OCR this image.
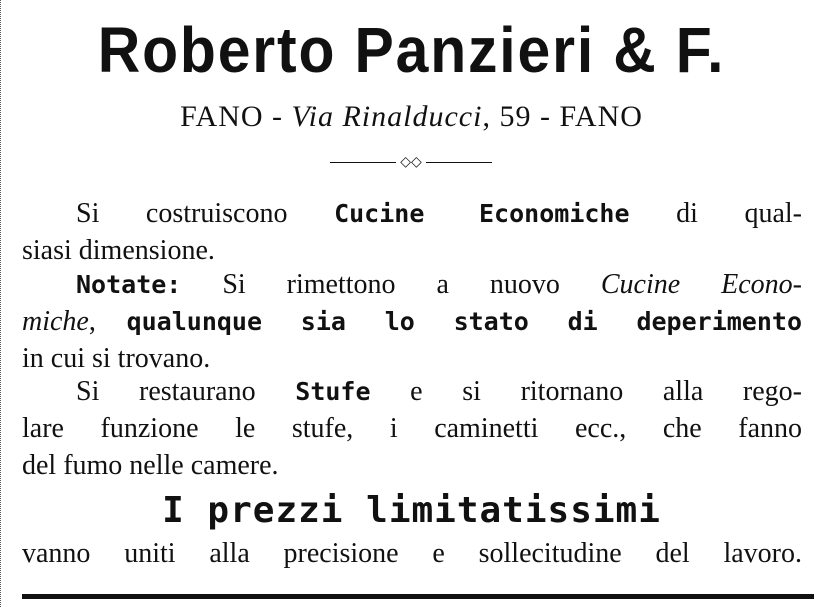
Roberto Panzieri & F.
FANO - Via Rinalducci, 59 - FANO
◇◇
Si costruiscono Cucine Economiche di qual-
siasi dimensione.
Notate: Si rimettono a nuovo Cucine Econo-
miche, qualunque sia lo stato di deperimento
in cui si trovano.
Si restaurano Stufe e si ritornano alla rego-
lare funzione le stufe, i caminetti ecc., che fanno
del fumo nelle camere.
I prezzi limitatissimi
vanno uniti alla precisione e sollecitudine del lavoro.
